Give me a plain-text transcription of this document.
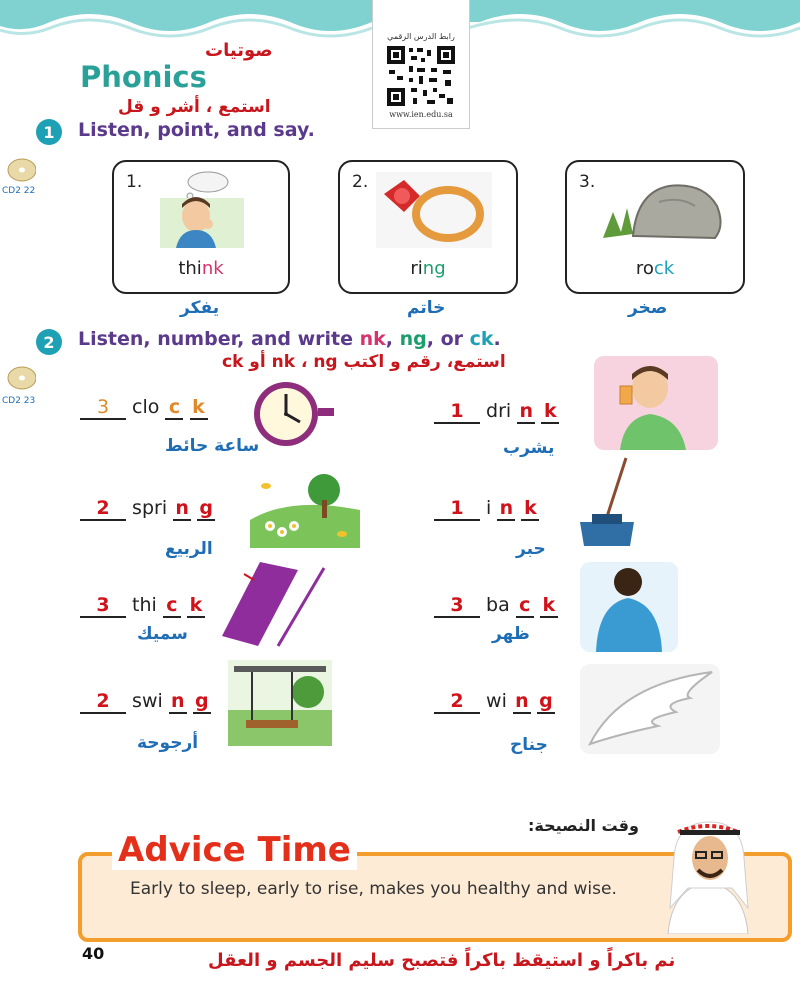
رابط الدرس الرقمي
www.ien.edu.sa
صوتيات
Phonics
استمع ، أشر و قل
1	Listen, point, and say.
CD2 22	1.
think
يفكر
2.
ring
خاتم
3.
rock
صخر
2	Listen, number, and write nk, ng, or ck.
استمع، رقم و اكتب nk ، ng أو ck
CD2 23	3 clo c k
ساعة حائط
2 spri n g
الربيع
3 thi c k
سميك
2 swi n g
أرجوحة
1 dri n k
يشرب
1 i n k
حبر
3 ba c k
ظهر
2 wi n g
جناح
وقت النصيحة:
Advice Time
Early to sleep, early to rise, makes you healthy and wise.
40	نم باكراً و استيقظ باكراً فتصبح سليم الجسم و العقل
